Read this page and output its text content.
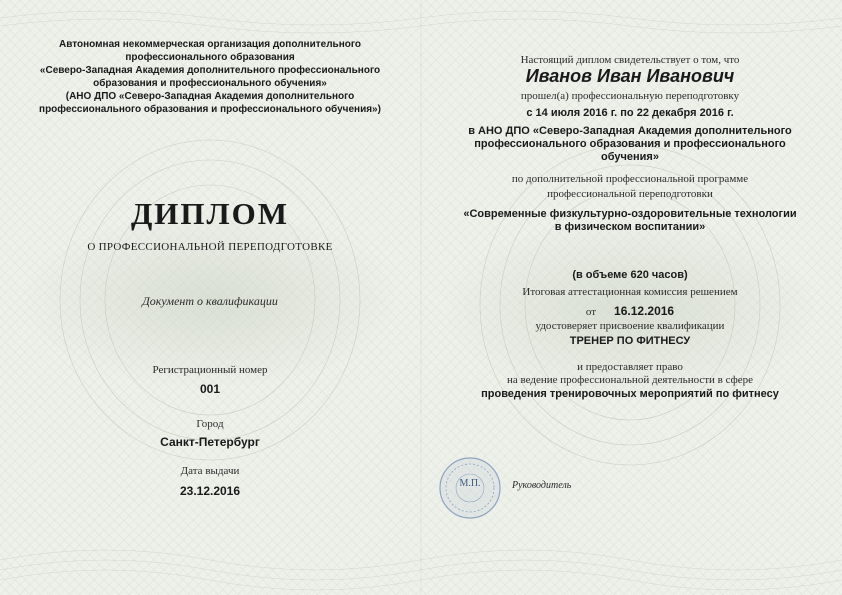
Автономная некоммерческая организация дополнительного
профессионального образования
«Северо-Западная Академия дополнительного профессионального
образования и профессионального обучения»
(АНО ДПО «Северо-Западная Академия дополнительного
профессионального образования и профессионального обучения»)
ДИПЛОМ
О ПРОФЕССИОНАЛЬНОЙ ПЕРЕПОДГОТОВКЕ
Документ о квалификации
Регистрационный номер
001
Город
Санкт-Петербург
Дата выдачи
23.12.2016
Настоящий диплом свидетельствует о том, что
Иванов Иван Иванович
прошел(а) профессиональную переподготовку
с 14 июля 2016 г. по 22 декабря 2016 г.
в АНО ДПО «Северо-Западная Академия дополнительного
профессионального образования и профессионального
обучения»
по дополнительной профессиональной программе
профессиональной переподготовки
«Современные физкультурно-оздоровительные технологии
в физическом воспитании»
(в объеме 620 часов)
Итоговая аттестационная комиссия решением
от 16.12.2016
удостоверяет присвоение квалификации
ТРЕНЕР ПО ФИТНЕСУ
и предоставляет право
на ведение профессиональной деятельности в сфере
проведения тренировочных мероприятий по фитнесу
М.П.	Руководитель
